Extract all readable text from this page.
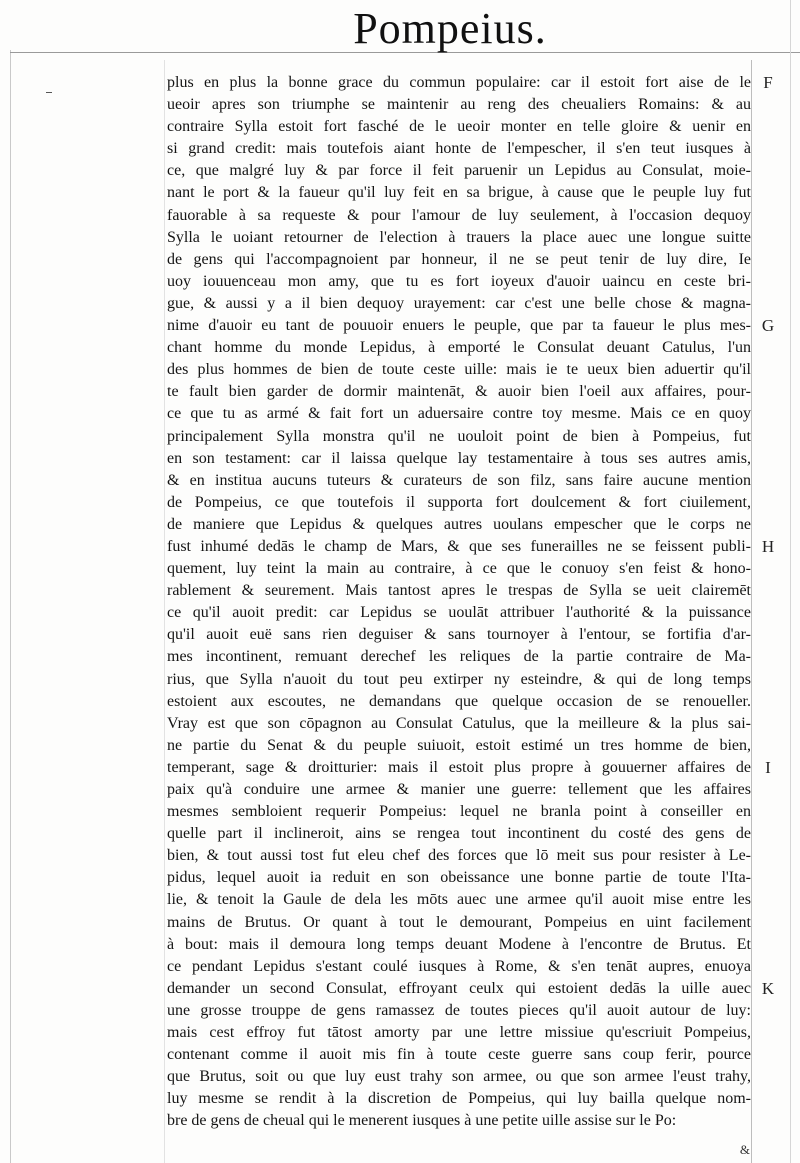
Pompeius.
plus en plus la bonne grace du commun populaire: car il estoit fort aise de le
ueoir apres son triumphe se maintenir au reng des cheualiers Romains: & au
contraire Sylla estoit fort fasché de le ueoir monter en telle gloire & uenir en
si grand credit: mais toutefois aiant honte de l'empescher, il s'en teut iusques à
ce, que malgré luy & par force il feit paruenir un Lepidus au Consulat, moie-
nant le port & la faueur qu'il luy feit en sa brigue, à cause que le peuple luy fut
fauorable à sa requeste & pour l'amour de luy seulement, à l'occasion dequoy
Sylla le uoiant retourner de l'election à trauers la place auec une longue suitte
de gens qui l'accompagnoient par honneur, il ne se peut tenir de luy dire, Ie
uoy iouuenceau mon amy, que tu es fort ioyeux d'auoir uaincu en ceste bri-
gue, & aussi y a il bien dequoy urayement: car c'est une belle chose & magna-
nime d'auoir eu tant de pouuoir enuers le peuple, que par ta faueur le plus mes-
chant homme du monde Lepidus, à emporté le Consulat deuant Catulus, l'un
des plus hommes de bien de toute ceste uille: mais ie te ueux bien aduertir qu'il
te fault bien garder de dormir maintenāt, & auoir bien l'oeil aux affaires, pour-
ce que tu as armé & fait fort un aduersaire contre toy mesme. Mais ce en quoy
principalement Sylla monstra qu'il ne uouloit point de bien à Pompeius, fut
en son testament: car il laissa quelque lay testamentaire à tous ses autres amis,
& en institua aucuns tuteurs & curateurs de son filz, sans faire aucune mention
de Pompeius, ce que toutefois il supporta fort doulcement & fort ciuilement,
de maniere que Lepidus & quelques autres uoulans empescher que le corps ne
fust inhumé dedās le champ de Mars, & que ses funerailles ne se feissent publi-
quement, luy teint la main au contraire, à ce que le conuoy s'en feist & hono-
rablement & seurement. Mais tantost apres le trespas de Sylla se ueit clairemēt
ce qu'il auoit predit: car Lepidus se uoulāt attribuer l'authorité & la puissance
qu'il auoit euë sans rien deguiser & sans tournoyer à l'entour, se fortifia d'ar-
mes incontinent, remuant derechef les reliques de la partie contraire de Ma-
rius, que Sylla n'auoit du tout peu extirper ny esteindre, & qui de long temps
estoient aux escoutes, ne demandans que quelque occasion de se renoueller.
Vray est que son cōpagnon au Consulat Catulus, que la meilleure & la plus sai-
ne partie du Senat & du peuple suiuoit, estoit estimé un tres homme de bien,
temperant, sage & droitturier: mais il estoit plus propre à gouuerner affaires de
paix qu'à conduire une armee & manier une guerre: tellement que les affaires
mesmes sembloient requerir Pompeius: lequel ne branla point à conseiller en
quelle part il inclineroit, ains se rengea tout incontinent du costé des gens de
bien, & tout aussi tost fut eleu chef des forces que lō meit sus pour resister à Le-
pidus, lequel auoit ia reduit en son obeissance une bonne partie de toute l'Ita-
lie, & tenoit la Gaule de dela les mōts auec une armee qu'il auoit mise entre les
mains de Brutus. Or quant à tout le demourant, Pompeius en uint facilement
à bout: mais il demoura long temps deuant Modene à l'encontre de Brutus. Et
ce pendant Lepidus s'estant coulé iusques à Rome, & s'en tenāt aupres, enuoya
demander un second Consulat, effroyant ceulx qui estoient dedās la uille auec
une grosse trouppe de gens ramassez de toutes pieces qu'il auoit autour de luy:
mais cest effroy fut tātost amorty par une lettre missiue qu'escriuit Pompeius,
contenant comme il auoit mis fin à toute ceste guerre sans coup ferir, pource
que Brutus, soit ou que luy eust trahy son armee, ou que son armee l'eust trahy,
luy mesme se rendit à la discretion de Pompeius, qui luy bailla quelque nom-
bre de gens de cheual qui le menerent iusques à une petite uille assise sur le Po:
F
G
H
I
K
&
